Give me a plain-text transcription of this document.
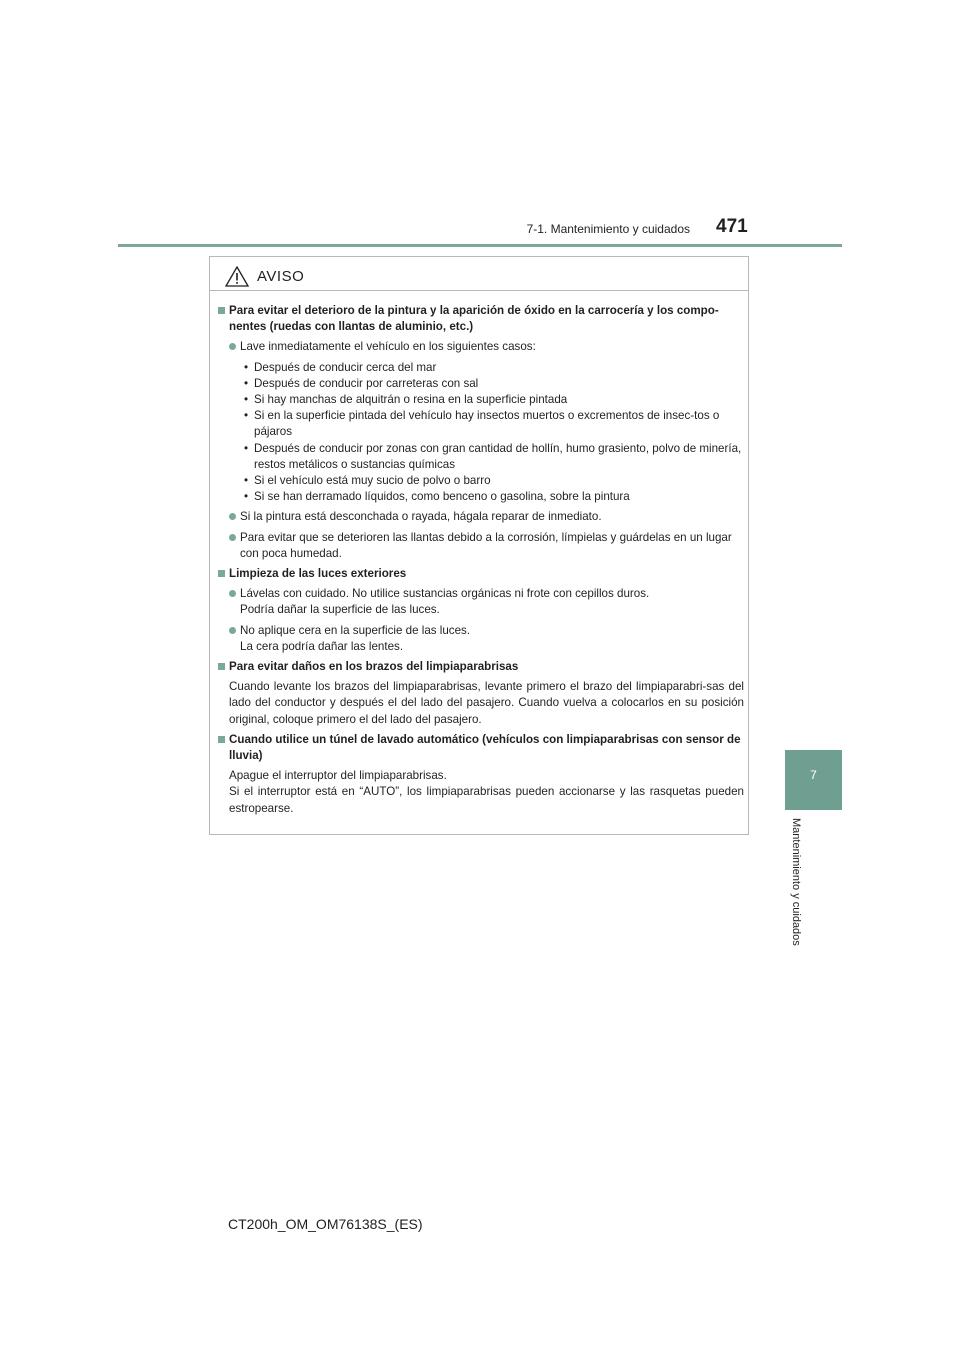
7-1. Mantenimiento y cuidados 471
7
Mantenimiento y cuidados
AVISO
Para evitar el deterioro de la pintura y la aparición de óxido en la carrocería y los compo-nentes (ruedas con llantas de aluminio, etc.)
Lave inmediatamente el vehículo en los siguientes casos:
• Después de conducir cerca del mar
• Después de conducir por carreteras con sal
• Si hay manchas de alquitrán o resina en la superficie pintada
• Si en la superficie pintada del vehículo hay insectos muertos o excrementos de insec-tos o pájaros
• Después de conducir por zonas con gran cantidad de hollín, humo grasiento, polvo de minería, restos metálicos o sustancias químicas
• Si el vehículo está muy sucio de polvo o barro
• Si se han derramado líquidos, como benceno o gasolina, sobre la pintura
Si la pintura está desconchada o rayada, hágala reparar de inmediato.
Para evitar que se deterioren las llantas debido a la corrosión, límpielas y guárdelas en un lugar con poca humedad.
Limpieza de las luces exteriores
Lávelas con cuidado. No utilice sustancias orgánicas ni frote con cepillos duros.
Podría dañar la superficie de las luces.
No aplique cera en la superficie de las luces.
La cera podría dañar las lentes.
Para evitar daños en los brazos del limpiaparabrisas
Cuando levante los brazos del limpiaparabrisas, levante primero el brazo del limpiaparabri-sas del lado del conductor y después el del lado del pasajero. Cuando vuelva a colocarlos en su posición original, coloque primero el del lado del pasajero.
Cuando utilice un túnel de lavado automático (vehículos con limpiaparabrisas con sensor de lluvia)
Apague el interruptor del limpiaparabrisas.
Si el interruptor está en “AUTO”, los limpiaparabrisas pueden accionarse y las rasquetas pueden estropearse.
CT200h_OM_OM76138S_(ES)
